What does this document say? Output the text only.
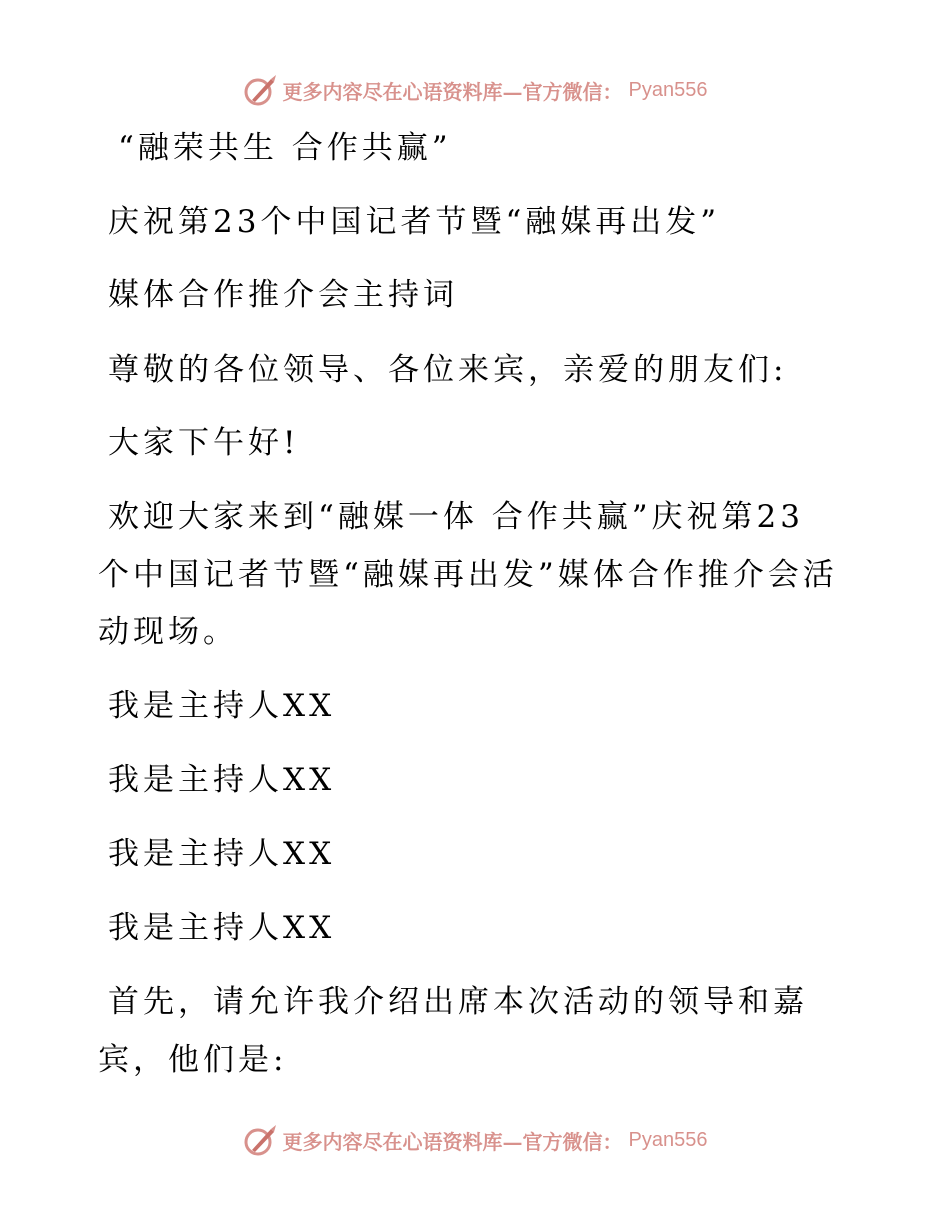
更多内容尽在心语资料库—官方微信： Pyan556
“融荣共生 合作共赢”
庆祝第23个中国记者节暨“融媒再出发”
媒体合作推介会主持词
尊敬的各位领导、各位来宾，亲爱的朋友们:
大家下午好!
欢迎大家来到“融媒一体 合作共赢”庆祝第23
个中国记者节暨“融媒再出发”媒体合作推介会活
动现场。
我是主持人XX
我是主持人XX
我是主持人XX
我是主持人XX
首先，请允许我介绍出席本次活动的领导和嘉
宾，他们是:
更多内容尽在心语资料库—官方微信： Pyan556
